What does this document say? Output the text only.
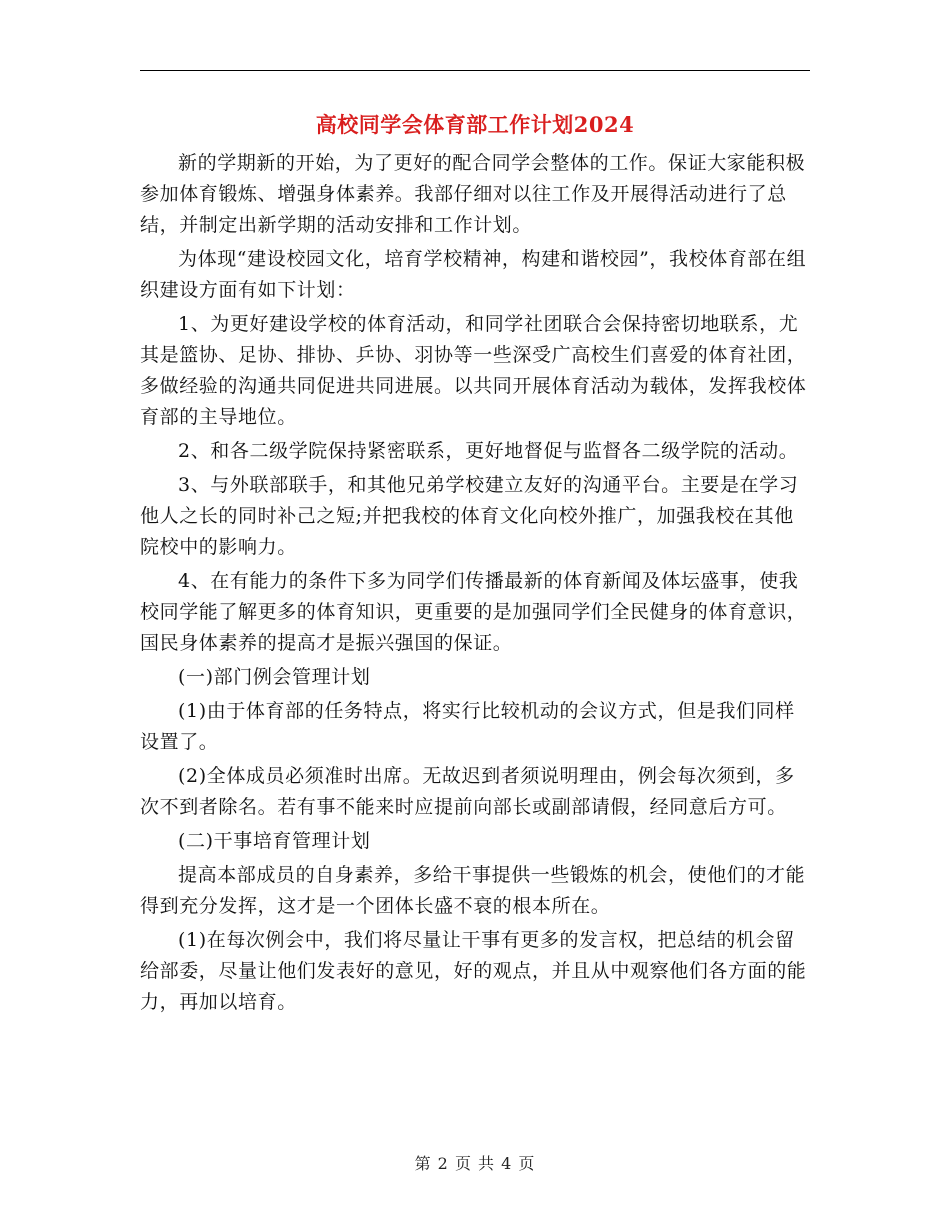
高校同学会体育部工作计划2024

新的学期新的开始，为了更好的配合同学会整体的工作。保证大家能积极参加体育锻炼、增强身体素养。我部仔细对以往工作及开展得活动进行了总结，并制定出新学期的活动安排和工作计划。

为体现“建设校园文化，培育学校精神，构建和谐校园”，我校体育部在组织建设方面有如下计划：

1、为更好建设学校的体育活动，和同学社团联合会保持密切地联系，尤其是篮协、足协、排协、乒协、羽协等一些深受广高校生们喜爱的体育社团，多做经验的沟通共同促进共同进展。以共同开展体育活动为载体，发挥我校体育部的主导地位。

2、和各二级学院保持紧密联系，更好地督促与监督各二级学院的活动。

3、与外联部联手，和其他兄弟学校建立友好的沟通平台。主要是在学习他人之长的同时补己之短;并把我校的体育文化向校外推广，加强我校在其他院校中的影响力。

4、在有能力的条件下多为同学们传播最新的体育新闻及体坛盛事，使我校同学能了解更多的体育知识，更重要的是加强同学们全民健身的体育意识，国民身体素养的提高才是振兴强国的保证。

(一)部门例会管理计划

(1)由于体育部的任务特点，将实行比较机动的会议方式，但是我们同样设置了。

(2)全体成员必须准时出席。无故迟到者须说明理由，例会每次须到，多次不到者除名。若有事不能来时应提前向部长或副部请假，经同意后方可。

(二)干事培育管理计划

提高本部成员的自身素养，多给干事提供一些锻炼的机会，使他们的才能得到充分发挥，这才是一个团体长盛不衰的根本所在。

(1)在每次例会中，我们将尽量让干事有更多的发言权，把总结的机会留给部委，尽量让他们发表好的意见，好的观点，并且从中观察他们各方面的能力，再加以培育。

第 2 页 共 4 页
